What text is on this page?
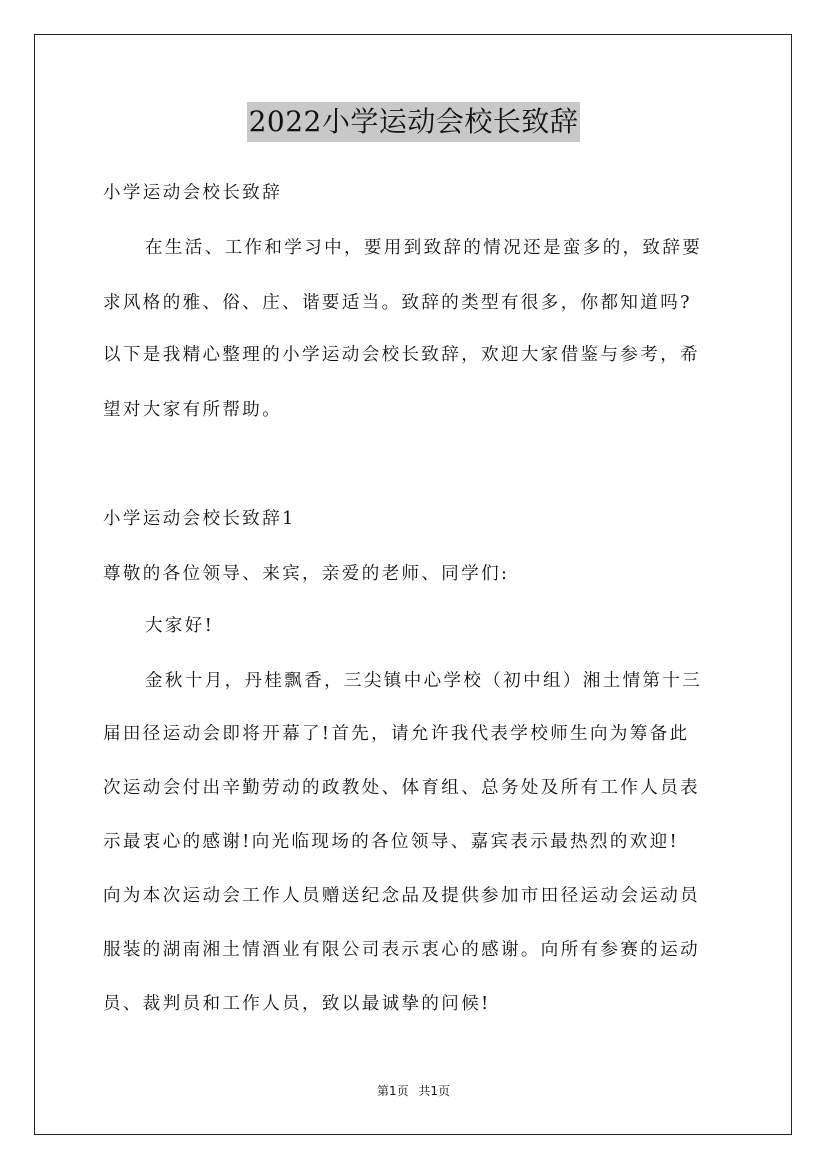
2022小学运动会校长致辞
小学运动会校长致辞
在生活、工作和学习中，要用到致辞的情况还是蛮多的，致辞要
求风格的雅、俗、庄、谐要适当。致辞的类型有很多，你都知道吗?
以下是我精心整理的小学运动会校长致辞，欢迎大家借鉴与参考，希
望对大家有所帮助。
小学运动会校长致辞1
尊敬的各位领导、来宾，亲爱的老师、同学们:
大家好!
金秋十月，丹桂飘香，三尖镇中心学校（初中组）湘土情第十三
届田径运动会即将开幕了!首先，请允许我代表学校师生向为筹备此
次运动会付出辛勤劳动的政教处、体育组、总务处及所有工作人员表
示最衷心的感谢!向光临现场的各位领导、嘉宾表示最热烈的欢迎!
向为本次运动会工作人员赠送纪念品及提供参加市田径运动会运动员
服装的湖南湘土情酒业有限公司表示衷心的感谢。向所有参赛的运动
员、裁判员和工作人员，致以最诚挚的问候!
第1页 共1页
